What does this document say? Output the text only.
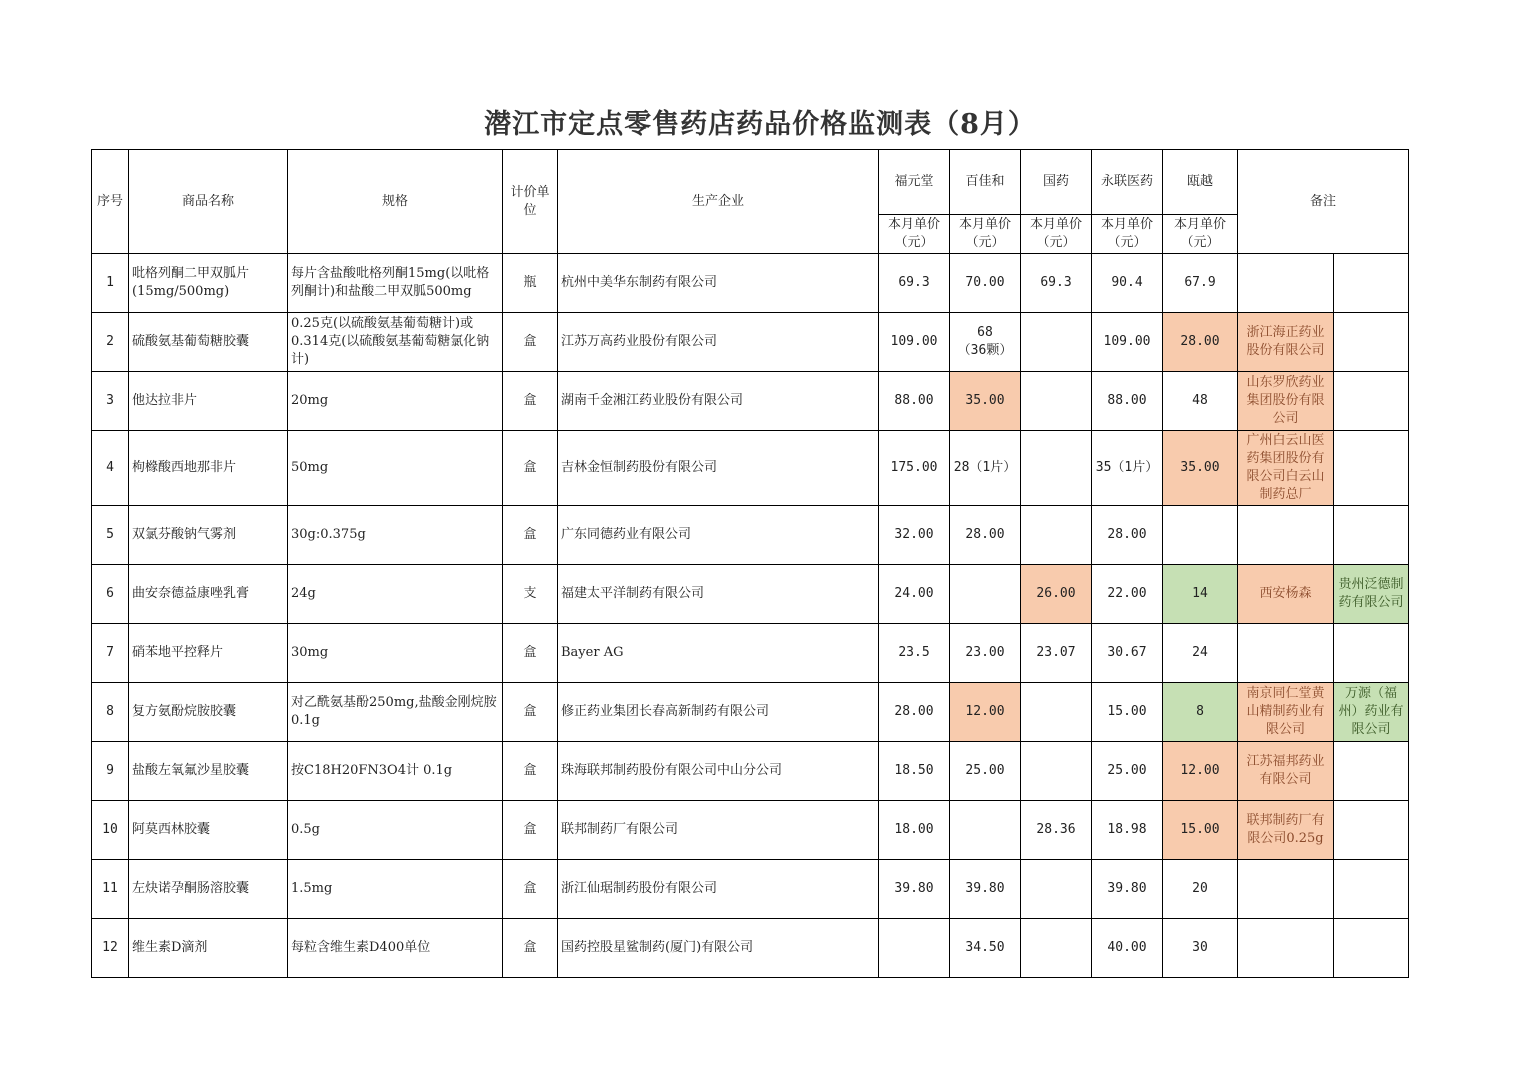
潜江市定点零售药店药品价格监测表（8月）
序号	商品名称	规格	计价单位	生产企业	福元堂	百佳和	国药	永联医药	瓯越	备注	
					本月单价（元）	本月单价（元）	本月单价（元）	本月单价（元）	本月单价（元）		
1	吡格列酮二甲双胍片(15mg/500mg)	每片含盐酸吡格列酮15mg(以吡格列酮计)和盐酸二甲双胍500mg	瓶	杭州中美华东制药有限公司	69.3	70.00	69.3	90.4	67.9		
2	硫酸氨基葡萄糖胶囊	0.25克(以硫酸氨基葡萄糖计)或0.314克(以硫酸氨基葡萄糖氯化钠计)	盒	江苏万高药业股份有限公司	109.00	68
（36颗）		109.00	28.00	浙江海正药业股份有限公司	
3	他达拉非片	20mg	盒	湖南千金湘江药业股份有限公司	88.00	35.00		88.00	48	山东罗欣药业集团股份有限公司	
4	枸橼酸西地那非片	50mg	盒	吉林金恒制药股份有限公司	175.00	28（1片）		35（1片）	35.00	广州白云山医药集团股份有限公司白云山制药总厂	
5	双氯芬酸钠气雾剂	30g:0.375g	盒	广东同德药业有限公司	32.00	28.00		28.00			
6	曲安奈德益康唑乳膏	24g	支	福建太平洋制药有限公司	24.00		26.00	22.00	14	西安杨森	贵州泛德制药有限公司
7	硝苯地平控释片	30mg	盒	Bayer AG	23.5	23.00	23.07	30.67	24		
8	复方氨酚烷胺胶囊	对乙酰氨基酚250mg,盐酸金刚烷胺0.1g	盒	修正药业集团长春高新制药有限公司	28.00	12.00		15.00	8	南京同仁堂黄山精制药业有限公司	万源（福州）药业有限公司
9	盐酸左氧氟沙星胶囊	按C18H20FN3O4计 0.1g	盒	珠海联邦制药股份有限公司中山分公司	18.50	25.00		25.00	12.00	江苏福邦药业有限公司	
10	阿莫西林胶囊	0.5g	盒	联邦制药厂有限公司	18.00		28.36	18.98	15.00	联邦制药厂有限公司0.25g	
11	左炔诺孕酮肠溶胶囊	1.5mg	盒	浙江仙琚制药股份有限公司	39.80	39.80		39.80	20		
12	维生素D滴剂	每粒含维生素D400单位	盒	国药控股星鲨制药(厦门)有限公司		34.50		40.00	30		
